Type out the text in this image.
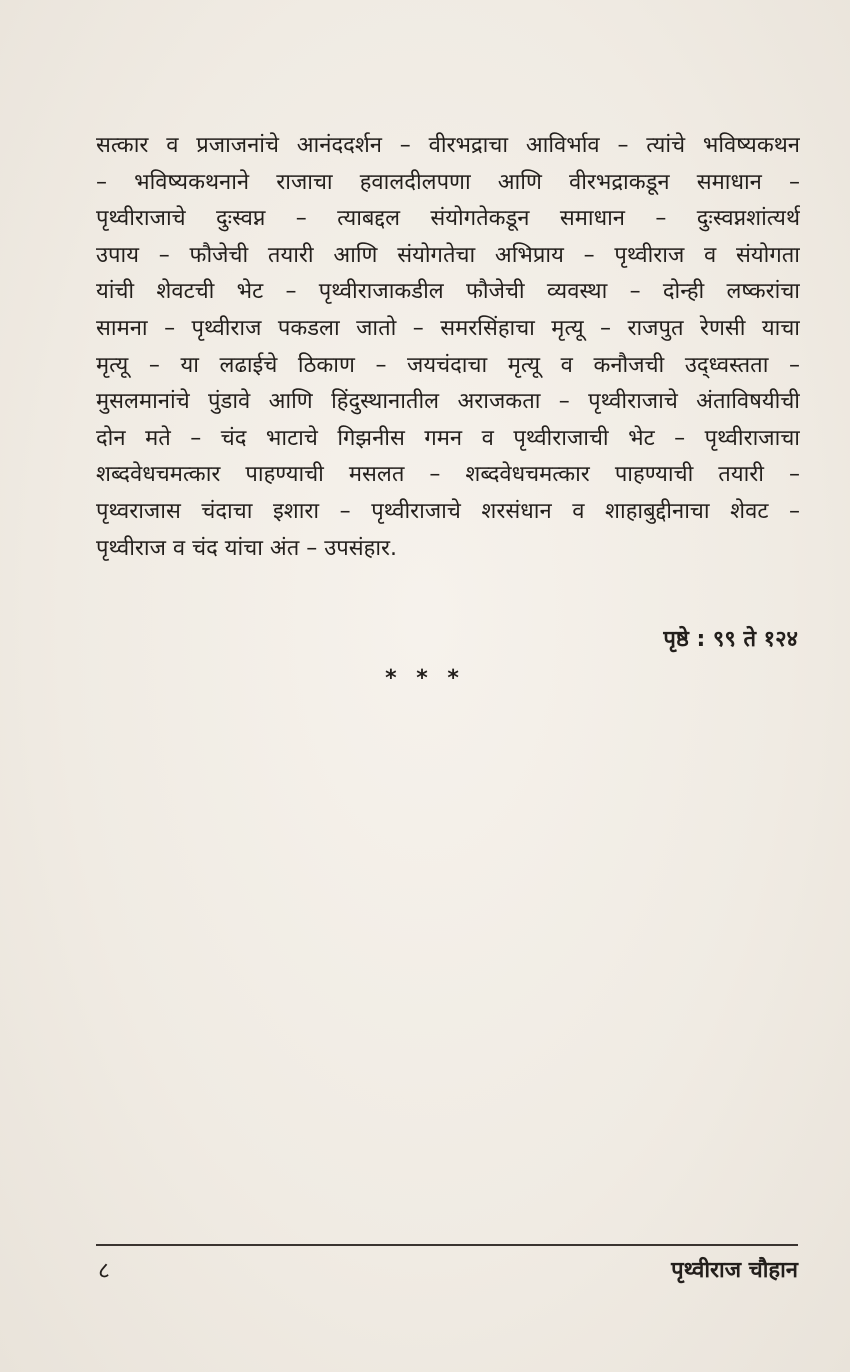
सत्कार व प्रजाजनांचे आनंददर्शन – वीरभद्राचा आविर्भाव – त्यांचे भविष्यकथन
– भविष्यकथनाने राजाचा हवालदीलपणा आणि वीरभद्राकडून समाधान –
पृथ्वीराजाचे दुःस्वप्न – त्याबद्दल संयोगतेकडून समाधान – दुःस्वप्नशांत्यर्थ
उपाय – फौजेची तयारी आणि संयोगतेचा अभिप्राय – पृथ्वीराज व संयोगता
यांची शेवटची भेट – पृथ्वीराजाकडील फौजेची व्यवस्था – दोन्ही लष्करांचा
सामना – पृथ्वीराज पकडला जातो – समरसिंहाचा मृत्यू – राजपुत रेणसी याचा
मृत्यू – या लढाईचे ठिकाण – जयचंदाचा मृत्यू व कनौजची उद्‌ध्वस्तता –
मुसलमानांचे पुंडावे आणि हिंदुस्थानातील अराजकता – पृथ्वीराजाचे अंताविषयीची
दोन मते – चंद भाटाचे गिझनीस गमन व पृथ्वीराजाची भेट – पृथ्वीराजाचा
शब्दवेधचमत्कार पाहण्याची मसलत – शब्दवेधचमत्कार पाहण्याची तयारी –
पृथ्वराजास चंदाचा इशारा – पृथ्वीराजाचे शरसंधान व शाहाबुद्दीनाचा शेवट –
पृथ्वीराज व चंद यांचा अंत – उपसंहार.
पृष्ठे : ९९ ते १२४
* * *
८	पृथ्वीराज चौहान
